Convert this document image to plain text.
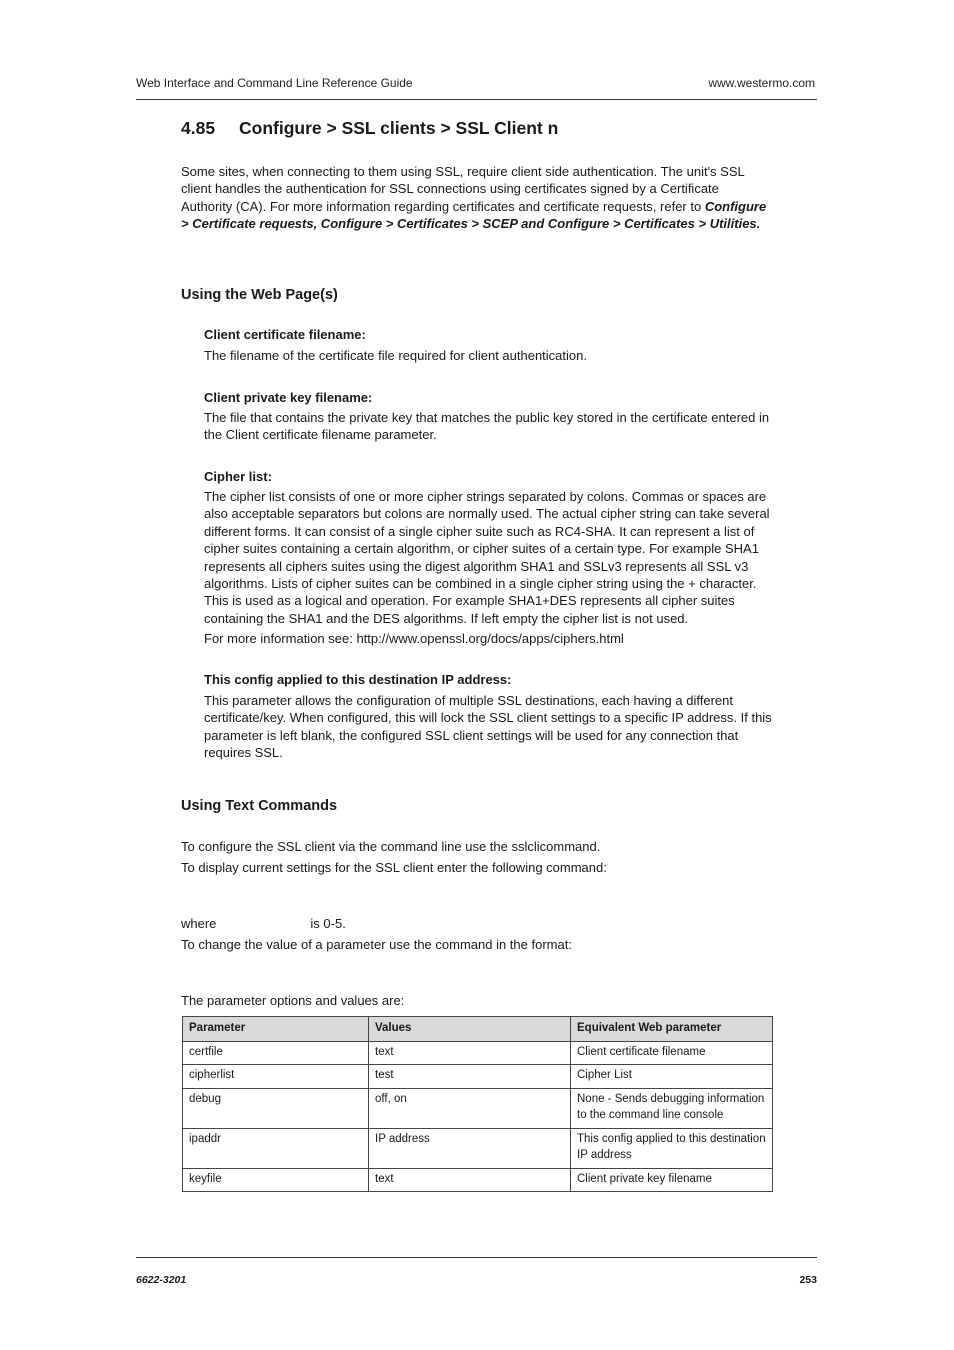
Web Interface and Command Line Reference Guide	www.westermo.com
4.85 Configure > SSL clients > SSL Client n

Some sites, when connecting to them using SSL, require client side authentication. The unit's SSL client handles the authentication for SSL connections using certificates signed by a Certificate Authority (CA). For more information regarding certificates and certificate requests, refer to Configure > Certificate requests, Configure > Certificates > SCEP and Configure > Certificates > Utilities.

Using the Web Page(s)
Client certificate filename:

The filename of the certificate file required for client authentication.

Client private key filename:

The file that contains the private key that matches the public key stored in the certificate entered in the Client certificate filename parameter.

Cipher list:

The cipher list consists of one or more cipher strings separated by colons. Commas or spaces are also acceptable separators but colons are normally used. The actual cipher string can take several different forms. It can consist of a single cipher suite such as RC4-SHA. It can represent a list of cipher suites containing a certain algorithm, or cipher suites of a certain type. For example SHA1 represents all ciphers suites using the digest algorithm SHA1 and SSLv3 represents all SSL v3 algorithms. Lists of cipher suites can be combined in a single cipher string using the + character. This is used as a logical and operation. For example SHA1+DES represents all cipher suites containing the SHA1 and the DES algorithms. If left empty the cipher list is not used.

For more information see: http://www.openssl.org/docs/apps/ciphers.html

This config applied to this destination IP address:

This parameter allows the configuration of multiple SSL destinations, each having a different certificate/key. When configured, this will lock the SSL client settings to a specific IP address. If this parameter is left blank, the configured SSL client settings will be used for any connection that requires SSL.

Using Text Commands

To configure the SSL client via the command line use the sslclicommand.

To display current settings for the SSL client enter the following command:

where	is 0-5.

To change the value of a parameter use the command in the format:

The parameter options and values are:

Parameter	Values	Equivalent Web parameter
certfile	text	Client certificate filename
cipherlist	test	Cipher List
debug	off, on	None - Sends debugging information to the command line console
ipaddr	IP address	This config applied to this destination IP address
keyfile	text	Client private key filename
6622-3201	253
